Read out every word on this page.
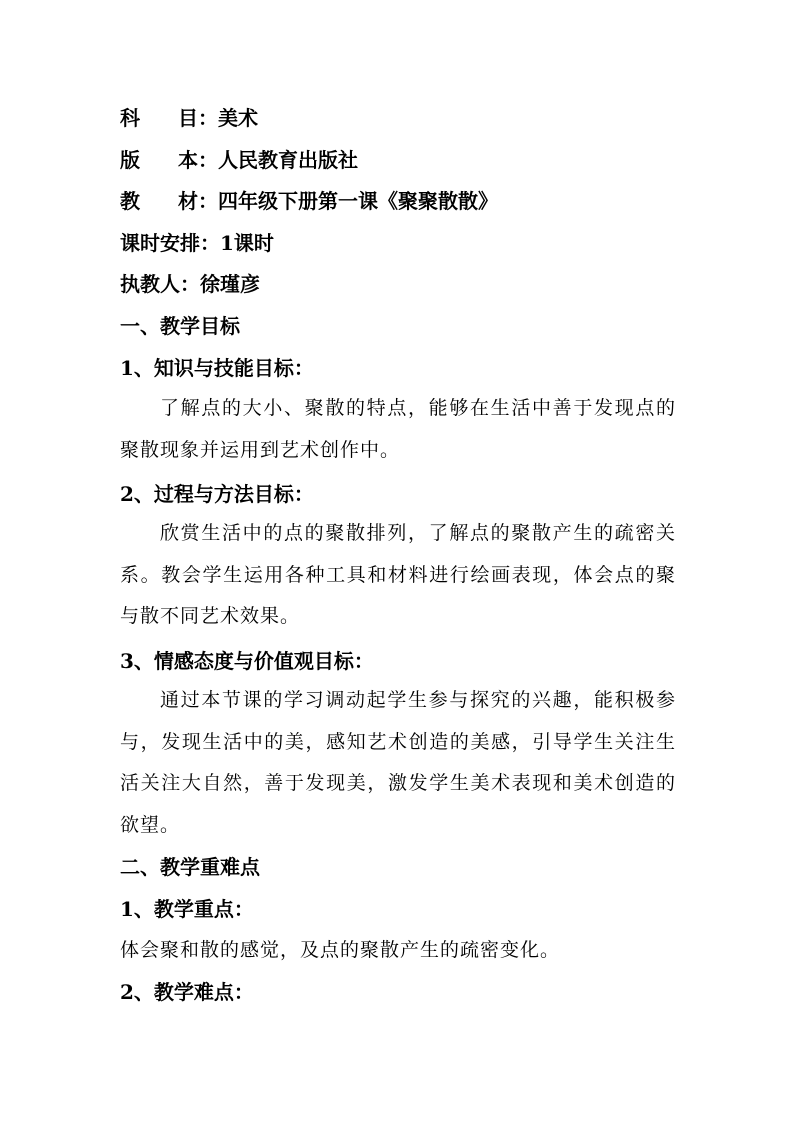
科 目：美术
版 本：人民教育出版社
教 材：四年级下册第一课《聚聚散散》
课时安排：1课时
执教人：徐瑾彦
一、教学目标
1、知识与技能目标：
了解点的大小、聚散的特点，能够在生活中善于发现点的聚散现象并运用到艺术创作中。
2、过程与方法目标：
欣赏生活中的点的聚散排列，了解点的聚散产生的疏密关系。教会学生运用各种工具和材料进行绘画表现，体会点的聚与散不同艺术效果。
3、情感态度与价值观目标：
通过本节课的学习调动起学生参与探究的兴趣，能积极参与，发现生活中的美，感知艺术创造的美感，引导学生关注生活关注大自然，善于发现美，激发学生美术表现和美术创造的欲望。
二、教学重难点
1、教学重点：
体会聚和散的感觉，及点的聚散产生的疏密变化。
2、教学难点：
